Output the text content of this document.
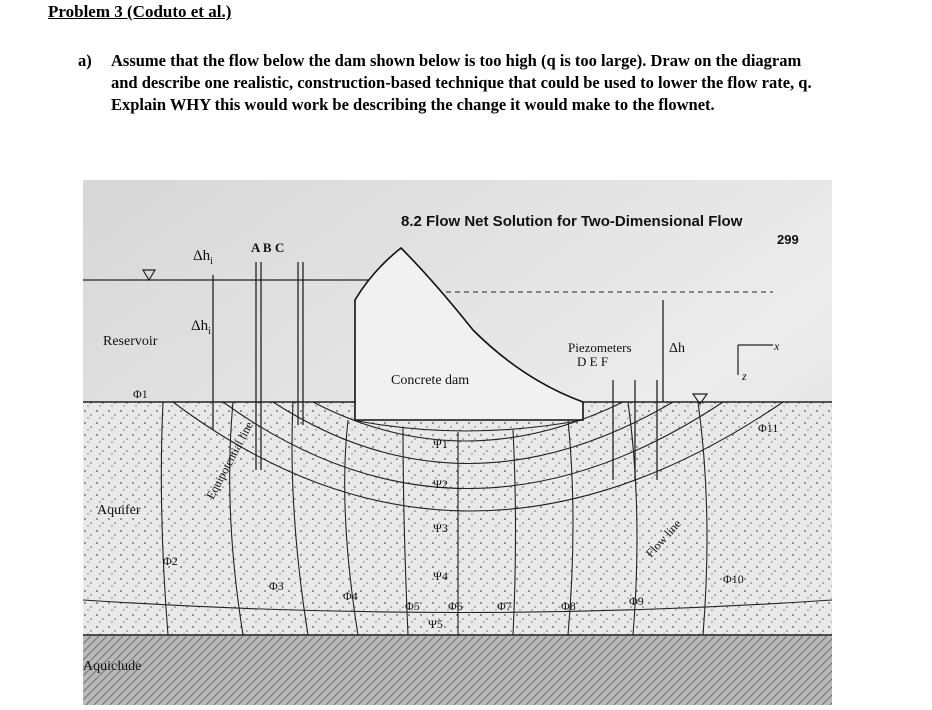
Problem 3 (Coduto et al.)
a) Assume that the flow below the dam shown below is too high (q is too large). Draw on the diagram and describe one realistic, construction-based technique that could be used to lower the flow rate, q. Explain WHY this would work be describing the change it would make to the flownet.
8.2 Flow Net Solution for Two-Dimensional Flow
299
A B C
Piezometers
D E F
Reservoir
Concrete dam
Aquifer
Aquiclude
$\Delta h_i$
$\Delta h_i$
Δh
Equipotential line
Flow line
x
z
Φ1
Φ2
Φ3
Φ4
Φ5 Φ6	Φ7	Φ8	Φ9
Φ10
Φ11
Ψ1
Ψ2
Ψ3
Ψ4
Ψ5
